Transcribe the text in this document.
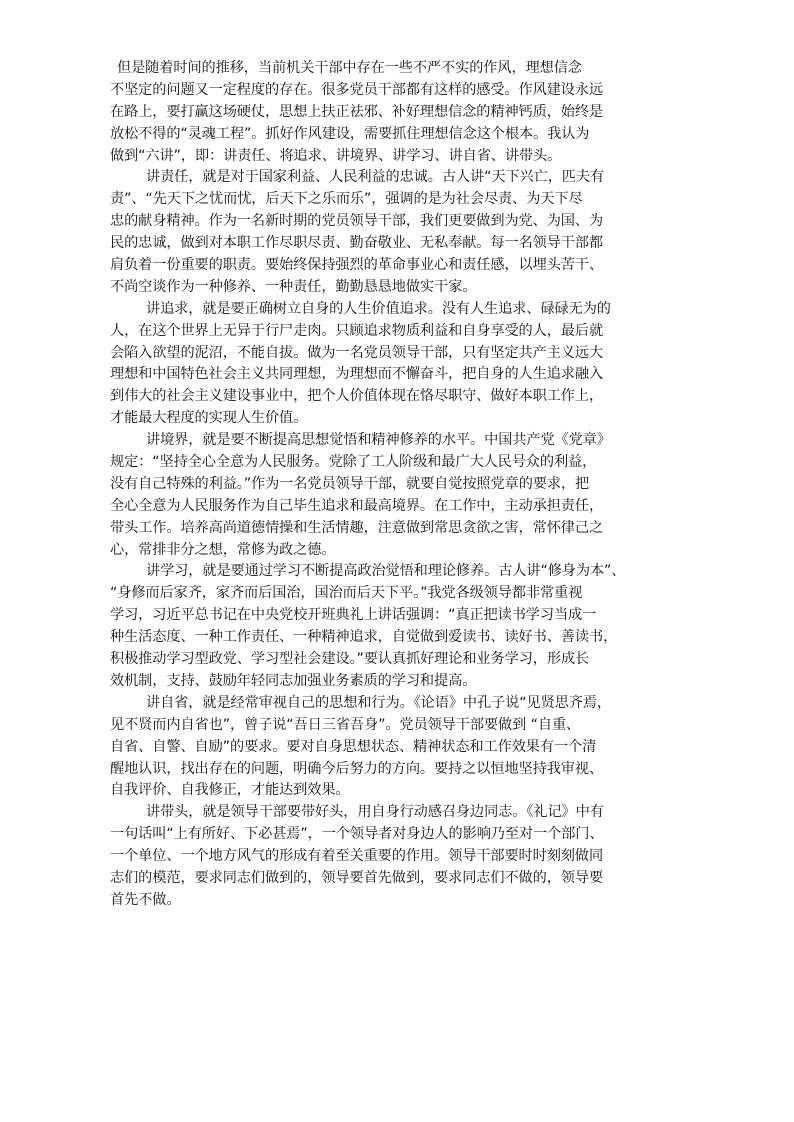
但是随着时间的推移，当前机关干部中存在一些不严不实的作风，理想信念
不坚定的问题又一定程度的存在。很多党员干部都有这样的感受。作风建设永远
在路上，要打赢这场硬仗，思想上扶正祛邪、补好理想信念的精神钙质，始终是
放松不得的“灵魂工程”。抓好作风建设，需要抓住理想信念这个根本。我认为
做到“六讲”，即：讲责任、将追求、讲境界、讲学习、讲自省、讲带头。
讲责任，就是对于国家利益、人民利益的忠诚。古人讲“天下兴亡，匹夫有
责”、“先天下之忧而忧，后天下之乐而乐”，强调的是为社会尽责、为天下尽
忠的献身精神。作为一名新时期的党员领导干部，我们更要做到为党、为国、为
民的忠诚，做到对本职工作尽职尽责、勤奋敬业、无私奉献。每一名领导干部都
肩负着一份重要的职责。要始终保持强烈的革命事业心和责任感，以埋头苦干、
不尚空谈作为一种修养、一种责任，勤勤恳恳地做实干家。
讲追求，就是要正确树立自身的人生价值追求。没有人生追求、碌碌无为的
人，在这个世界上无异于行尸走肉。只顾追求物质利益和自身享受的人，最后就
会陷入欲望的泥沼，不能自拔。做为一名党员领导干部，只有坚定共产主义远大
理想和中国特色社会主义共同理想，为理想而不懈奋斗，把自身的人生追求融入
到伟大的社会主义建设事业中，把个人价值体现在恪尽职守、做好本职工作上，
才能最大程度的实现人生价值。
讲境界，就是要不断提高思想觉悟和精神修养的水平。中国共产党《党章》
规定：“坚持全心全意为人民服务。党除了工人阶级和最广大人民号众的利益，
没有自己特殊的利益。”作为一名党员领导干部，就要自觉按照党章的要求，把
全心全意为人民服务作为自己毕生追求和最高境界。在工作中，主动承担责任，
带头工作。培养高尚道德情操和生活情趣，注意做到常思贪欲之害，常怀律己之
心，常排非分之想，常修为政之德。
讲学习，就是要通过学习不断提高政治觉悟和理论修养。古人讲“修身为本”、
“身修而后家齐，家齐而后国治，国治而后天下平。”我党各级领导都非常重视
学习，习近平总书记在中央党校开班典礼上讲话强调：“真正把读书学习当成一
种生活态度、一种工作责任、一种精神追求，自觉做到爱读书、读好书、善读书，
积极推动学习型政党、学习型社会建设。”要认真抓好理论和业务学习，形成长
效机制，支持、鼓励年轻同志加强业务素质的学习和提高。
讲自省，就是经常审视自己的思想和行为。《论语》中孔子说“见贤思齐焉，
见不贤而内自省也”，曾子说“吾日三省吾身”。党员领导干部要做到 “自重、
自省、自警、自励”的要求。要对自身思想状态、精神状态和工作效果有一个清
醒地认识，找出存在的问题，明确今后努力的方向。要持之以恒地坚持我审视、
自我评价、自我修正，才能达到效果。
讲带头，就是领导干部要带好头，用自身行动感召身边同志。《礼记》中有
一句话叫“上有所好、下必甚焉”，一个领导者对身边人的影响乃至对一个部门、
一个单位、一个地方风气的形成有着至关重要的作用。领导干部要时时刻刻做同
志们的模范，要求同志们做到的，领导要首先做到，要求同志们不做的，领导要
首先不做。
